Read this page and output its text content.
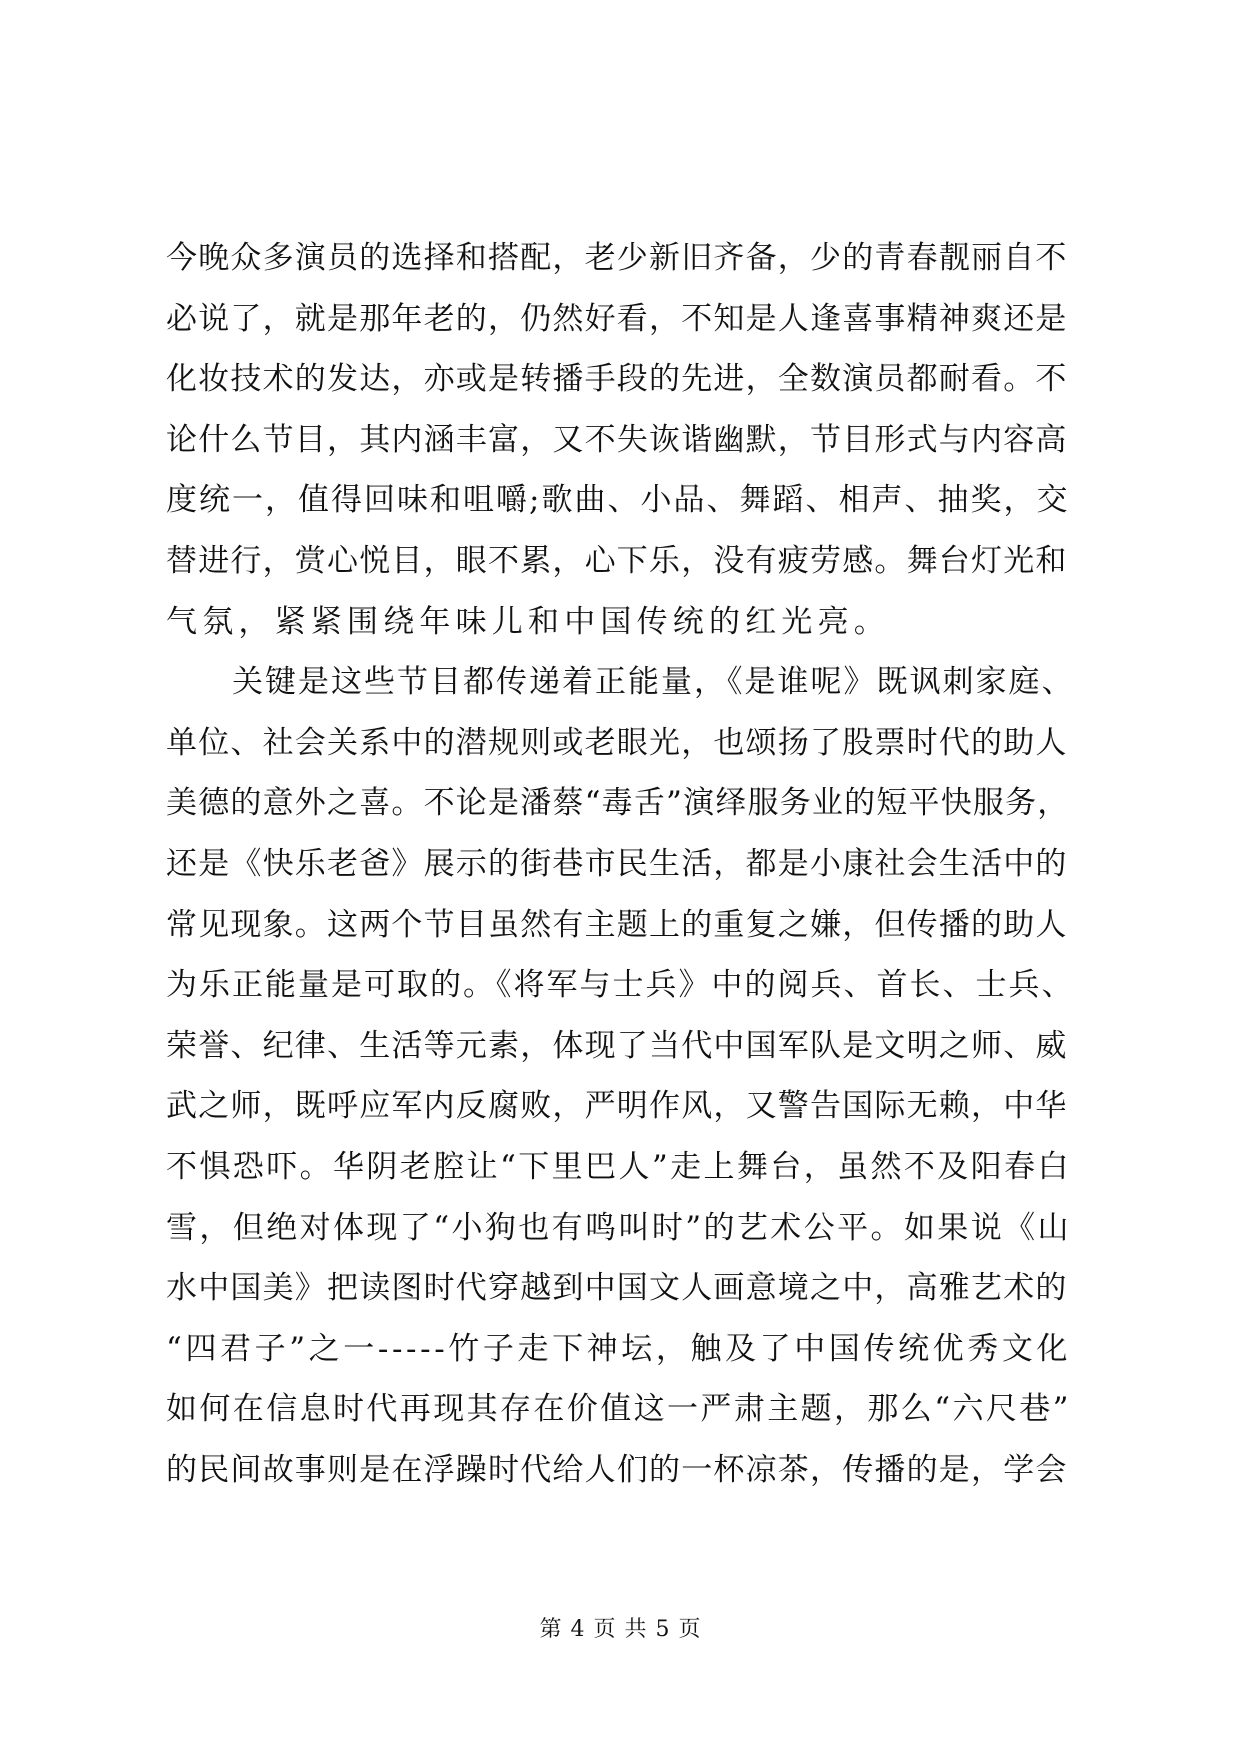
今晚众多演员的选择和搭配，老少新旧齐备，少的青春靓丽自不
必说了，就是那年老的，仍然好看，不知是人逢喜事精神爽还是
化妆技术的发达，亦或是转播手段的先进，全数演员都耐看。不
论什么节目，其内涵丰富，又不失诙谐幽默，节目形式与内容高
度统一，值得回味和咀嚼;歌曲、小品、舞蹈、相声、抽奖，交
替进行，赏心悦目，眼不累，心下乐，没有疲劳感。舞台灯光和
气氛，紧紧围绕年味儿和中国传统的红光亮。
　　关键是这些节目都传递着正能量，《是谁呢》既讽刺家庭、
单位、社会关系中的潜规则或老眼光，也颂扬了股票时代的助人
美德的意外之喜。不论是潘蔡“毒舌”演绎服务业的短平快服务，
还是《快乐老爸》展示的街巷市民生活，都是小康社会生活中的
常见现象。这两个节目虽然有主题上的重复之嫌，但传播的助人
为乐正能量是可取的。《将军与士兵》中的阅兵、首长、士兵、
荣誉、纪律、生活等元素，体现了当代中国军队是文明之师、威
武之师，既呼应军内反腐败，严明作风，又警告国际无赖，中华
不惧恐吓。华阴老腔让“下里巴人”走上舞台，虽然不及阳春白
雪，但绝对体现了“小狗也有鸣叫时”的艺术公平。如果说《山
水中国美》把读图时代穿越到中国文人画意境之中，高雅艺术的
“四君子”之一-----竹子走下神坛，触及了中国传统优秀文化
如何在信息时代再现其存在价值这一严肃主题，那么“六尺巷”
的民间故事则是在浮躁时代给人们的一杯凉茶，传播的是，学会
第 4 页 共 5 页
